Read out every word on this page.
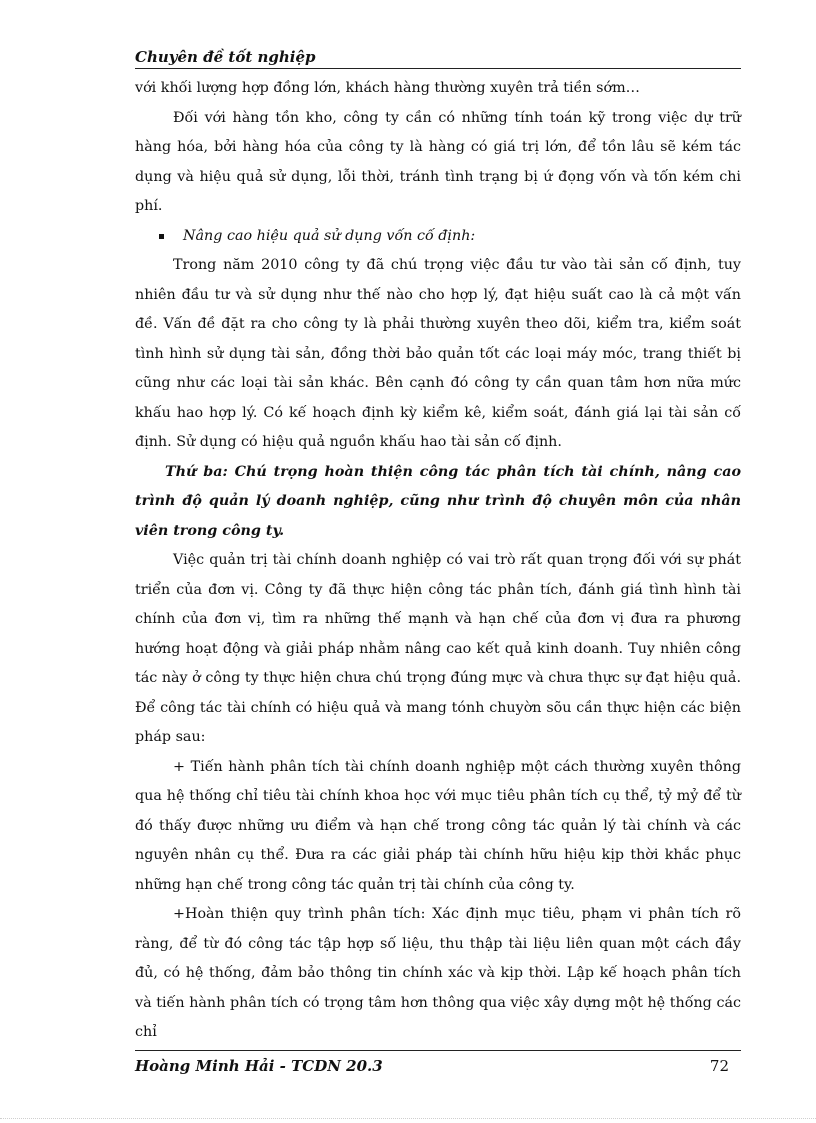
Chuyên đề tốt nghiệp

với khối lượng hợp đồng lớn, khách hàng thường xuyên trả tiền sớm…

Đối với hàng tồn kho, công ty cần có những tính toán kỹ trong việc dự trữ hàng hóa, bởi hàng hóa của công ty là hàng có giá trị lớn, để tồn lâu sẽ kém tác dụng và hiệu quả sử dụng, lỗi thời, tránh tình trạng bị ứ đọng vốn và tốn kém chi phí.

Nâng cao hiệu quả sử dụng vốn cố định:

Trong năm 2010 công ty đã chú trọng việc đầu tư vào tài sản cố định, tuy nhiên đầu tư và sử dụng như thế nào cho hợp lý, đạt hiệu suất cao là cả một vấn đề. Vấn đề đặt ra cho công ty là phải thường xuyên theo dõi, kiểm tra, kiểm soát tình hình sử dụng tài sản, đồng thời bảo quản tốt các loại máy móc, trang thiết bị cũng như các loại tài sản khác. Bên cạnh đó công ty cần quan tâm hơn nữa mức khấu hao hợp lý. Có kế hoạch định kỳ kiểm kê, kiểm soát, đánh giá lại tài sản cố định. Sử dụng có hiệu quả nguồn khấu hao tài sản cố định.

Thứ ba: Chú trọng hoàn thiện công tác phân tích tài chính, nâng cao trình độ quản lý doanh nghiệp, cũng như trình độ chuyên môn của nhân viên trong công ty.

Việc quản trị tài chính doanh nghiệp có vai trò rất quan trọng đối với sự phát triển của đơn vị. Công ty đã thực hiện công tác phân tích, đánh giá tình hình tài chính của đơn vị, tìm ra những thế mạnh và hạn chế của đơn vị đưa ra phương hướng hoạt động và giải pháp nhằm nâng cao kết quả kinh doanh. Tuy nhiên công tác này ở công ty thực hiện chưa chú trọng đúng mực và chưa thực sự đạt hiệu quả. Để công tác tài chính có hiệu quả và mang tónh chuyờn sõu cần thực hiện các biện pháp sau:

+ Tiến hành phân tích tài chính doanh nghiệp một cách thường xuyên thông qua hệ thống chỉ tiêu tài chính khoa học với mục tiêu phân tích cụ thể, tỷ mỷ để từ đó thấy được những ưu điểm và hạn chế trong công tác quản lý tài chính và các nguyên nhân cụ thể. Đưa ra các giải pháp tài chính hữu hiệu kịp thời khắc phục những hạn chế trong công tác quản trị tài chính của công ty.

+Hoàn thiện quy trình phân tích: Xác định mục tiêu, phạm vi phân tích rõ ràng, để từ đó công tác tập hợp số liệu, thu thập tài liệu liên quan một cách đầy đủ, có hệ thống, đảm bảo thông tin chính xác và kịp thời. Lập kế hoạch phân tích và tiến hành phân tích có trọng tâm hơn thông qua việc xây dựng một hệ thống các chỉ

Hoàng Minh Hải - TCDN 20.3	72
